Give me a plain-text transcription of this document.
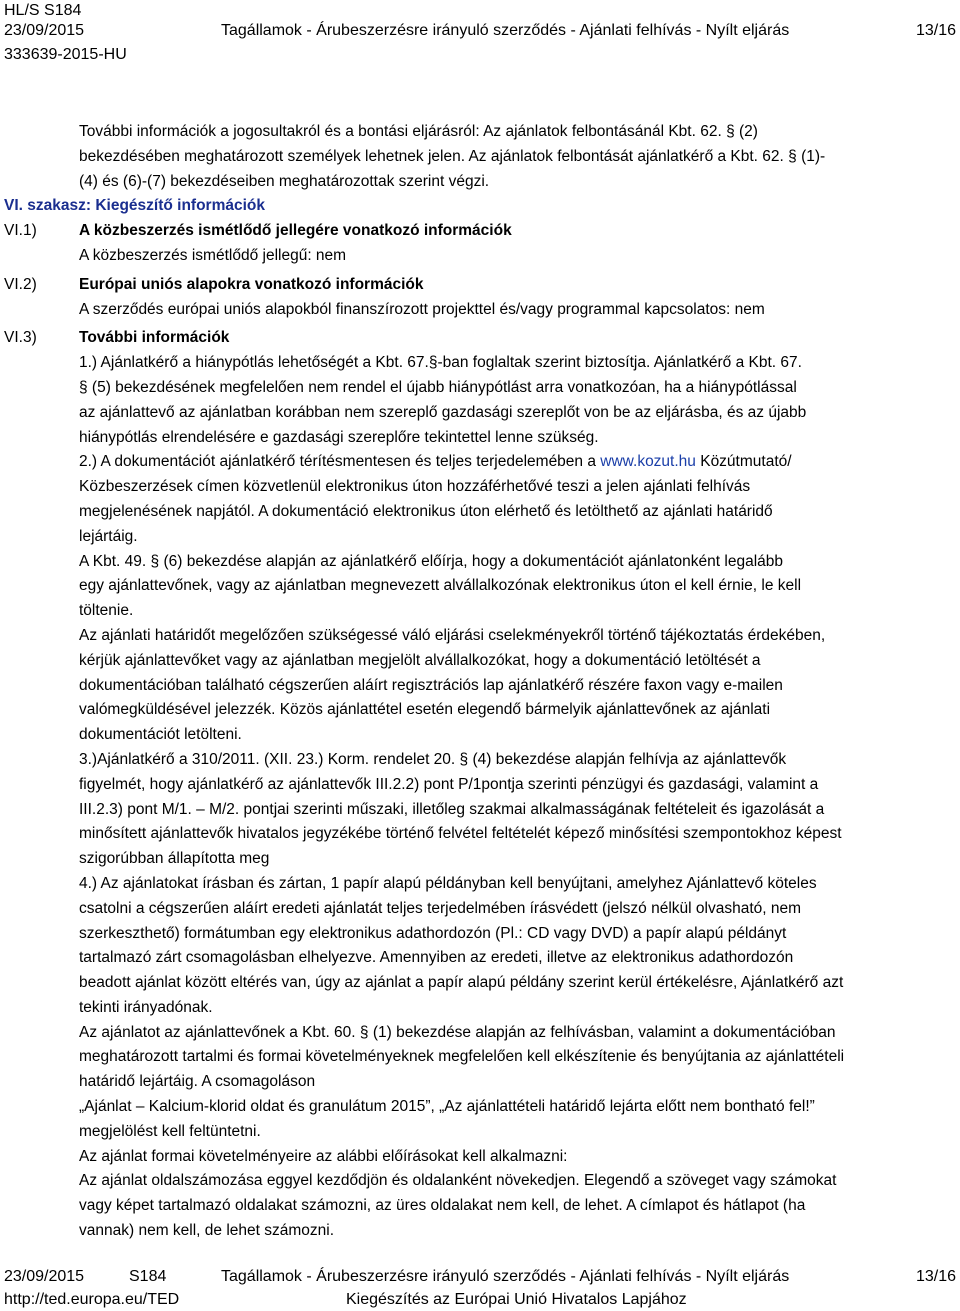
HL/S S184
23/09/2015	Tagállamok - Árubeszerzésre irányuló szerződés - Ajánlati felhívás - Nyílt eljárás	13/16
333639-2015-HU

További információk a jogosultakról és a bontási eljárásról: Az ajánlatok felbontásánál Kbt. 62. § (2)

bekezdésében meghatározott személyek lehetnek jelen. Az ajánlatok felbontását ajánlatkérő a Kbt. 62. § (1)-

(4) és (6)-(7) bekezdéseiben meghatározottak szerint végzi.

VI. szakasz: Kiegészítő információk
VI.1)	A közbeszerzés ismétlődő jellegére vonatkozó információk

A közbeszerzés ismétlődő jellegű: nem

VI.2)	Európai uniós alapokra vonatkozó információk

A szerződés európai uniós alapokból finanszírozott projekttel és/vagy programmal kapcsolatos: nem

VI.3)	További információk

1.) Ajánlatkérő a hiánypótlás lehetőségét a Kbt. 67.§-ban foglaltak szerint biztosítja. Ajánlatkérő a Kbt. 67.

§ (5) bekezdésének megfelelően nem rendel el újabb hiánypótlást arra vonatkozóan, ha a hiánypótlással

az ajánlattevő az ajánlatban korábban nem szereplő gazdasági szereplőt von be az eljárásba, és az újabb

hiánypótlás elrendelésére e gazdasági szereplőre tekintettel lenne szükség.

2.) A dokumentációt ajánlatkérő térítésmentesen és teljes terjedelemében a www.kozut.hu Közútmutató/

Közbeszerzések címen közvetlenül elektronikus úton hozzáférhetővé teszi a jelen ajánlati felhívás

megjelenésének napjától. A dokumentáció elektronikus úton elérhető és letölthető az ajánlati határidő

lejártáig.

A Kbt. 49. § (6) bekezdése alapján az ajánlatkérő előírja, hogy a dokumentációt ajánlatonként legalább

egy ajánlattevőnek, vagy az ajánlatban megnevezett alvállalkozónak elektronikus úton el kell érnie, le kell

töltenie.

Az ajánlati határidőt megelőzően szükségessé váló eljárási cselekményekről történő tájékoztatás érdekében,

kérjük ajánlattevőket vagy az ajánlatban megjelölt alvállalkozókat, hogy a dokumentáció letöltését a

dokumentációban található cégszerűen aláírt regisztrációs lap ajánlatkérő részére faxon vagy e-mailen

valómegküldésével jelezzék. Közös ajánlattétel esetén elegendő bármelyik ajánlattevőnek az ajánlati

dokumentációt letölteni.

3.)Ajánlatkérő a 310/2011. (XII. 23.) Korm. rendelet 20. § (4) bekezdése alapján felhívja az ajánlattevők

figyelmét, hogy ajánlatkérő az ajánlattevők III.2.2) pont P/1pontja szerinti pénzügyi és gazdasági, valamint a

III.2.3) pont M/1. – M/2. pontjai szerinti műszaki, illetőleg szakmai alkalmasságának feltételeit és igazolását a

minősített ajánlattevők hivatalos jegyzékébe történő felvétel feltételét képező minősítési szempontokhoz képest

szigorúbban állapította meg

4.) Az ajánlatokat írásban és zártan, 1 papír alapú példányban kell benyújtani, amelyhez Ajánlattevő köteles

csatolni a cégszerűen aláírt eredeti ajánlatát teljes terjedelmében írásvédett (jelszó nélkül olvasható, nem

szerkeszthető) formátumban egy elektronikus adathordozón (Pl.: CD vagy DVD) a papír alapú példányt

tartalmazó zárt csomagolásban elhelyezve. Amennyiben az eredeti, illetve az elektronikus adathordozón

beadott ajánlat között eltérés van, úgy az ajánlat a papír alapú példány szerint kerül értékelésre, Ajánlatkérő azt

tekinti irányadónak.

Az ajánlatot az ajánlattevőnek a Kbt. 60. § (1) bekezdése alapján az felhívásban, valamint a dokumentációban

meghatározott tartalmi és formai követelményeknek megfelelően kell elkészítenie és benyújtania az ajánlattételi

határidő lejártáig. A csomagoláson

„Ajánlat – Kalcium-klorid oldat és granulátum 2015”, „Az ajánlattételi határidő lejárta előtt nem bontható fel!”

megjelölést kell feltüntetni.

Az ajánlat formai követelményeire az alábbi előírásokat kell alkalmazni:

Az ajánlat oldalszámozása eggyel kezdődjön és oldalanként növekedjen. Elegendő a szöveget vagy számokat

vagy képet tartalmazó oldalakat számozni, az üres oldalakat nem kell, de lehet. A címlapot és hátlapot (ha

vannak) nem kell, de lehet számozni.

23/09/2015	S184	Tagállamok - Árubeszerzésre irányuló szerződés - Ajánlati felhívás - Nyílt eljárás	13/16
http://ted.europa.eu/TED	Kiegészítés az Európai Unió Hivatalos Lapjához
